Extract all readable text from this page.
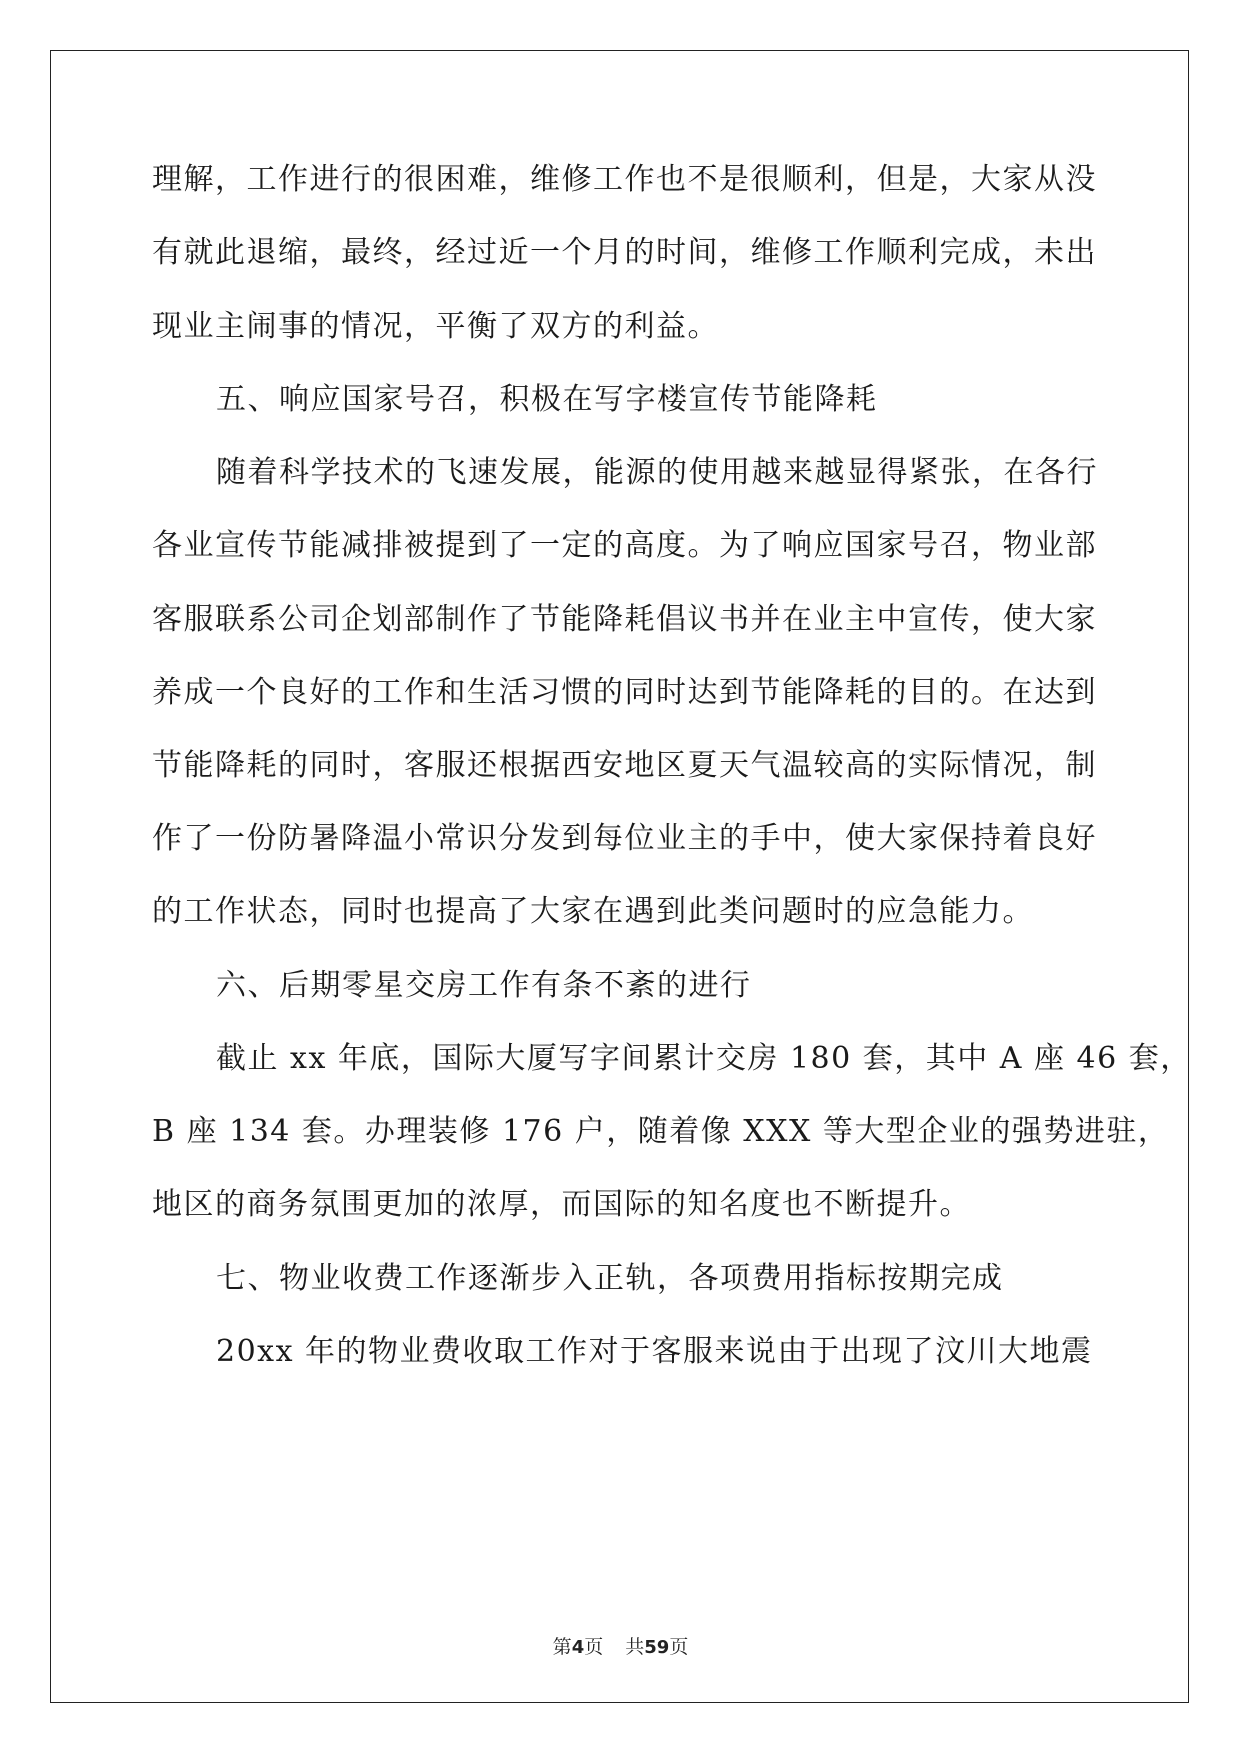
理解，工作进行的很困难，维修工作也不是很顺利，但是，大家从没
有就此退缩，最终，经过近一个月的时间，维修工作顺利完成，未出
现业主闹事的情况，平衡了双方的利益。
五、响应国家号召，积极在写字楼宣传节能降耗
随着科学技术的飞速发展，能源的使用越来越显得紧张，在各行
各业宣传节能减排被提到了一定的高度。为了响应国家号召，物业部
客服联系公司企划部制作了节能降耗倡议书并在业主中宣传，使大家
养成一个良好的工作和生活习惯的同时达到节能降耗的目的。在达到
节能降耗的同时，客服还根据西安地区夏天气温较高的实际情况，制
作了一份防暑降温小常识分发到每位业主的手中，使大家保持着良好
的工作状态，同时也提高了大家在遇到此类问题时的应急能力。
六、后期零星交房工作有条不紊的进行
截止 xx 年底，国际大厦写字间累计交房 180 套，其中 A 座 46 套，
B 座 134 套。办理装修 176 户，随着像 XXX 等大型企业的强势进驻，
地区的商务氛围更加的浓厚，而国际的知名度也不断提升。
七、物业收费工作逐渐步入正轨，各项费用指标按期完成
20xx 年的物业费收取工作对于客服来说由于出现了汶川大地震
第4页 共59页
